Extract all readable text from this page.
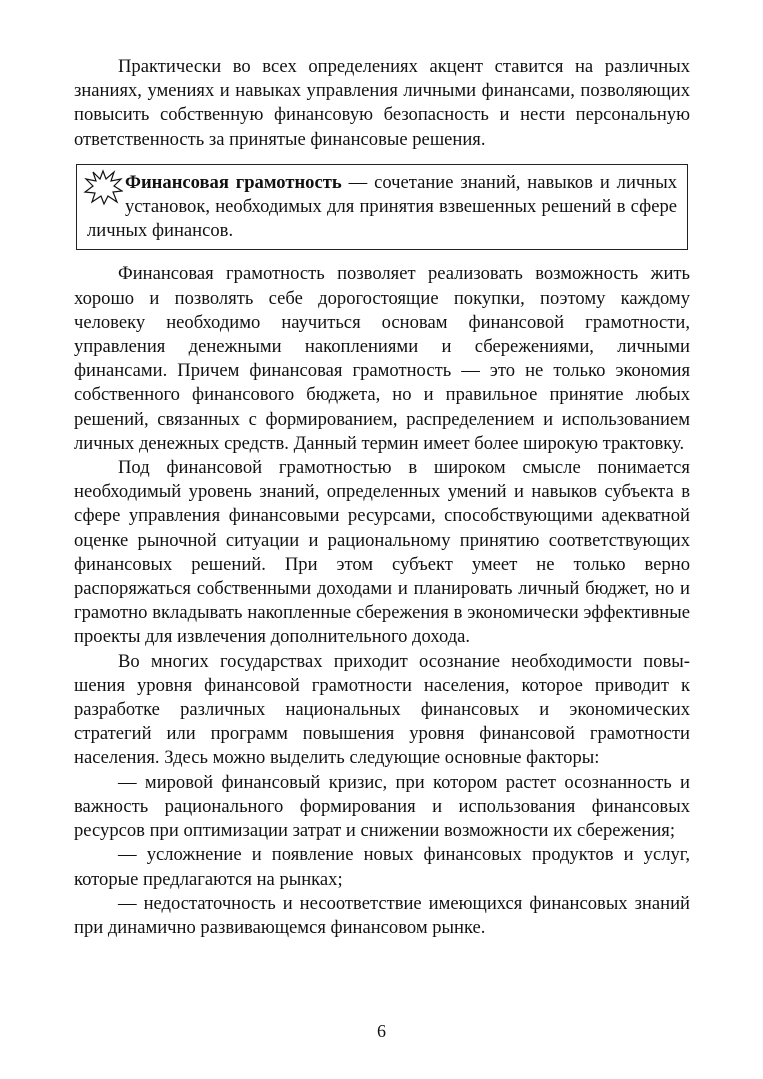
Практически во всех определениях акцент ставится на различных знаниях, умениях и навыках управления личными финансами, позволяющих повысить собственную финансовую безопасность и нести персональную ответственность за принятые финансовые решения.

Финансовая грамотность — сочетание знаний, навыков и личных установок, необходимых для принятия взвешенных решений в сфере личных финансов.

Финансовая грамотность позволяет реализовать возможность жить хорошо и позволять себе дорогостоящие покупки, поэтому каждому человеку необходимо научиться основам финансовой грамотности, управления денежными накоплениями и сбережениями, личными финансами. Причем финансовая грамотность — это не только экономия собственного финансового бюджета, но и правильное принятие любых решений, связанных с формированием, распределением и использованием личных денежных средств. Данный термин имеет более широкую трактовку.

Под финансовой грамотностью в широком смысле понимается необходимый уровень знаний, определенных умений и навыков субъекта в сфере управления финансовыми ресурсами, способствующими адекватной оценке рыночной ситуации и рациональному принятию соответствующих финансовых решений. При этом субъект умеет не только верно распоряжаться собственными доходами и планировать личный бюджет, но и грамотно вкладывать накопленные сбережения в экономически эффективные проекты для извлечения дополнительного дохода.

Во многих государствах приходит осознание необходимости повышения уровня финансовой грамотности населения, которое приводит к разработке различных национальных финансовых и экономических стратегий или программ повышения уровня финансовой грамотности населения. Здесь можно выделить следующие основные факторы:

— мировой финансовый кризис, при котором растет осознанность и важность рационального формирования и использования финансовых ресурсов при оптимизации затрат и снижении возможности их сбережения;

— усложнение и появление новых финансовых продуктов и услуг, которые предлагаются на рынках;

— недостаточность и несоответствие имеющихся финансовых знаний при динамично развивающемся финансовом рынке.

6
